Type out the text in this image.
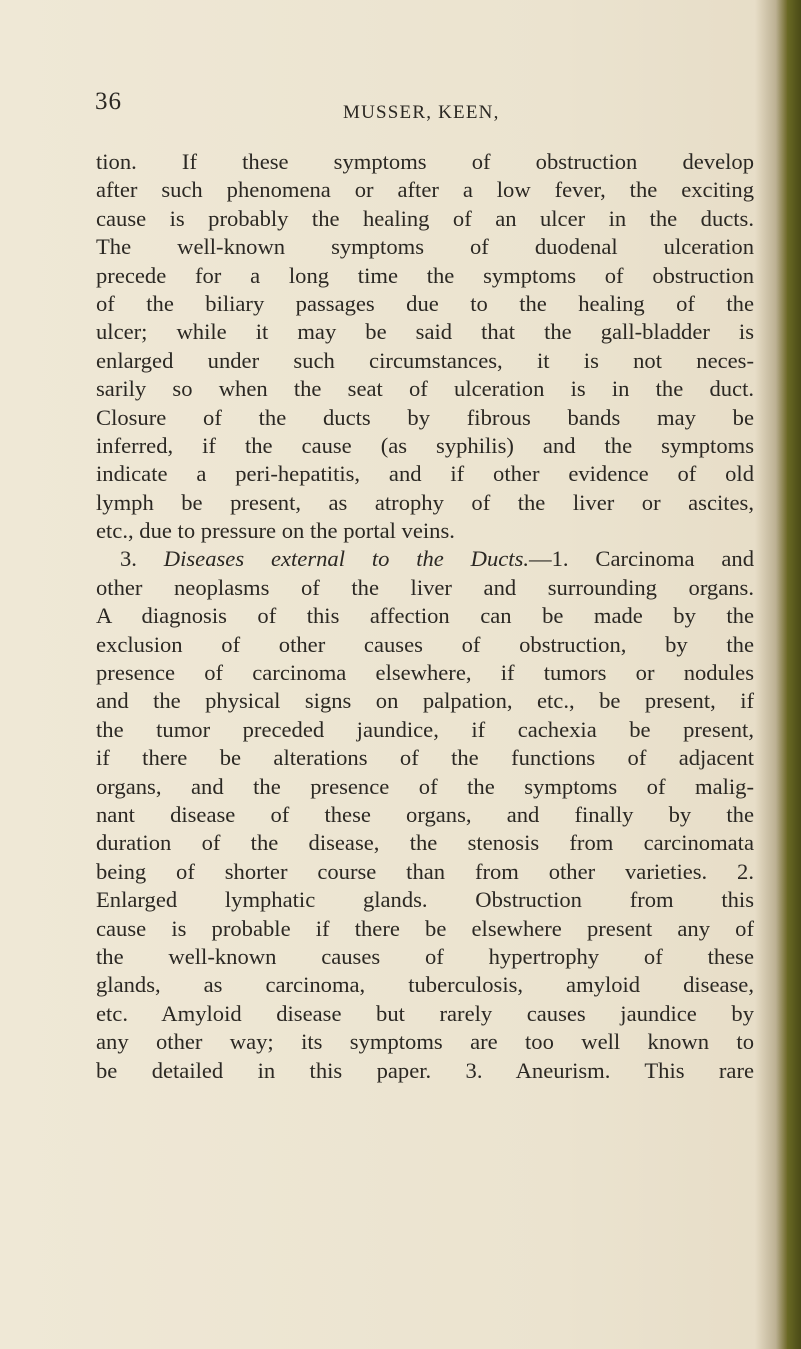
36	MUSSER, KEEN,
tion. If these symptoms of obstruction develop
after such phenomena or after a low fever, the exciting
cause is probably the healing of an ulcer in the ducts.
The well-known symptoms of duodenal ulceration
precede for a long time the symptoms of obstruction
of the biliary passages due to the healing of the
ulcer; while it may be said that the gall-bladder is
enlarged under such circumstances, it is not neces-
sarily so when the seat of ulceration is in the duct.
Closure of the ducts by fibrous bands may be
inferred, if the cause (as syphilis) and the symptoms
indicate a peri-hepatitis, and if other evidence of old
lymph be present, as atrophy of the liver or ascites,
etc., due to pressure on the portal veins.
3. Diseases external to the Ducts.—1. Carcinoma and
other neoplasms of the liver and surrounding organs.
A diagnosis of this affection can be made by the
exclusion of other causes of obstruction, by the
presence of carcinoma elsewhere, if tumors or nodules
and the physical signs on palpation, etc., be present, if
the tumor preceded jaundice, if cachexia be present,
if there be alterations of the functions of adjacent
organs, and the presence of the symptoms of malig-
nant disease of these organs, and finally by the
duration of the disease, the stenosis from carcinomata
being of shorter course than from other varieties. 2.
Enlarged lymphatic glands. Obstruction from this
cause is probable if there be elsewhere present any of
the well-known causes of hypertrophy of these
glands, as carcinoma, tuberculosis, amyloid disease,
etc. Amyloid disease but rarely causes jaundice by
any other way; its symptoms are too well known to
be detailed in this paper. 3. Aneurism. This rare
